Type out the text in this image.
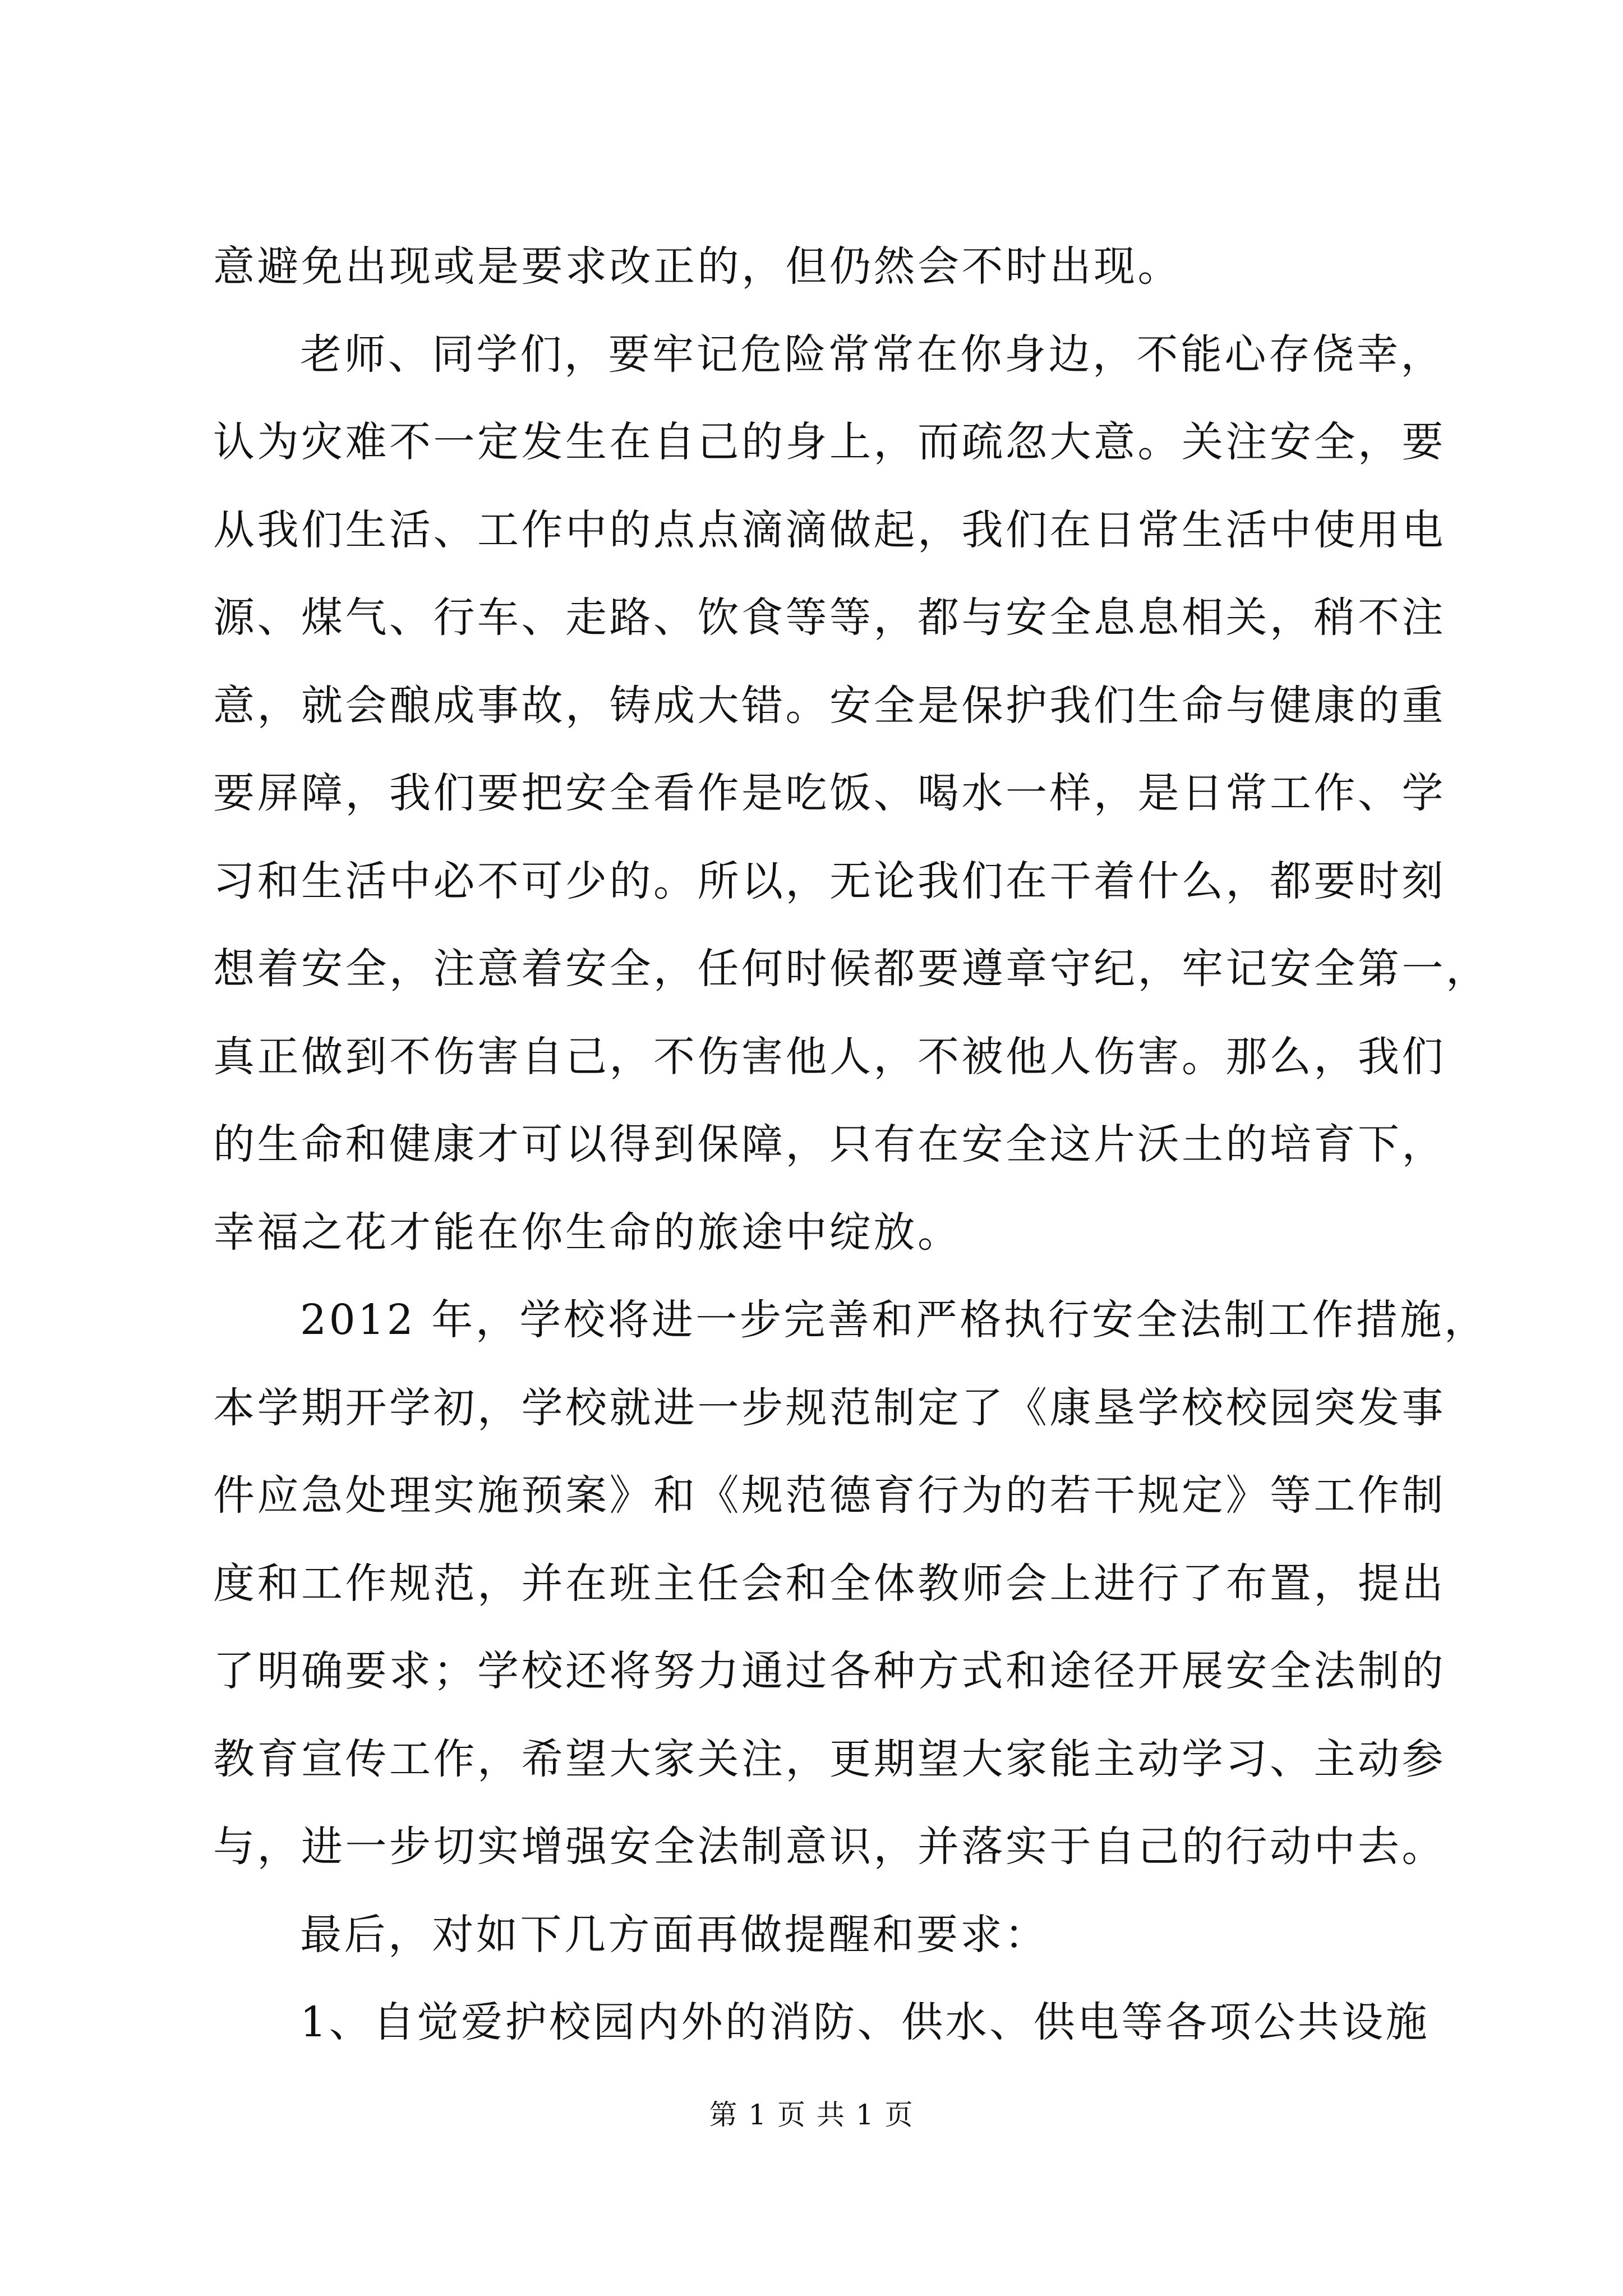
意避免出现或是要求改正的，但仍然会不时出现。
老师、同学们，要牢记危险常常在你身边，不能心存侥幸，
认为灾难不一定发生在自己的身上，而疏忽大意。关注安全，要
从我们生活、工作中的点点滴滴做起，我们在日常生活中使用电
源、煤气、行车、走路、饮食等等，都与安全息息相关，稍不注
意，就会酿成事故，铸成大错。安全是保护我们生命与健康的重
要屏障，我们要把安全看作是吃饭、喝水一样，是日常工作、学
习和生活中必不可少的。所以，无论我们在干着什么，都要时刻
想着安全，注意着安全，任何时候都要遵章守纪，牢记安全第一，
真正做到不伤害自己，不伤害他人，不被他人伤害。那么，我们
的生命和健康才可以得到保障，只有在安全这片沃土的培育下，
幸福之花才能在你生命的旅途中绽放。
2012 年，学校将进一步完善和严格执行安全法制工作措施，
本学期开学初，学校就进一步规范制定了《康垦学校校园突发事
件应急处理实施预案》和《规范德育行为的若干规定》等工作制
度和工作规范，并在班主任会和全体教师会上进行了布置，提出
了明确要求；学校还将努力通过各种方式和途径开展安全法制的
教育宣传工作，希望大家关注，更期望大家能主动学习、主动参
与，进一步切实增强安全法制意识，并落实于自己的行动中去。
最后，对如下几方面再做提醒和要求：
1、自觉爱护校园内外的消防、供水、供电等各项公共设施
第 1 页 共 1 页
